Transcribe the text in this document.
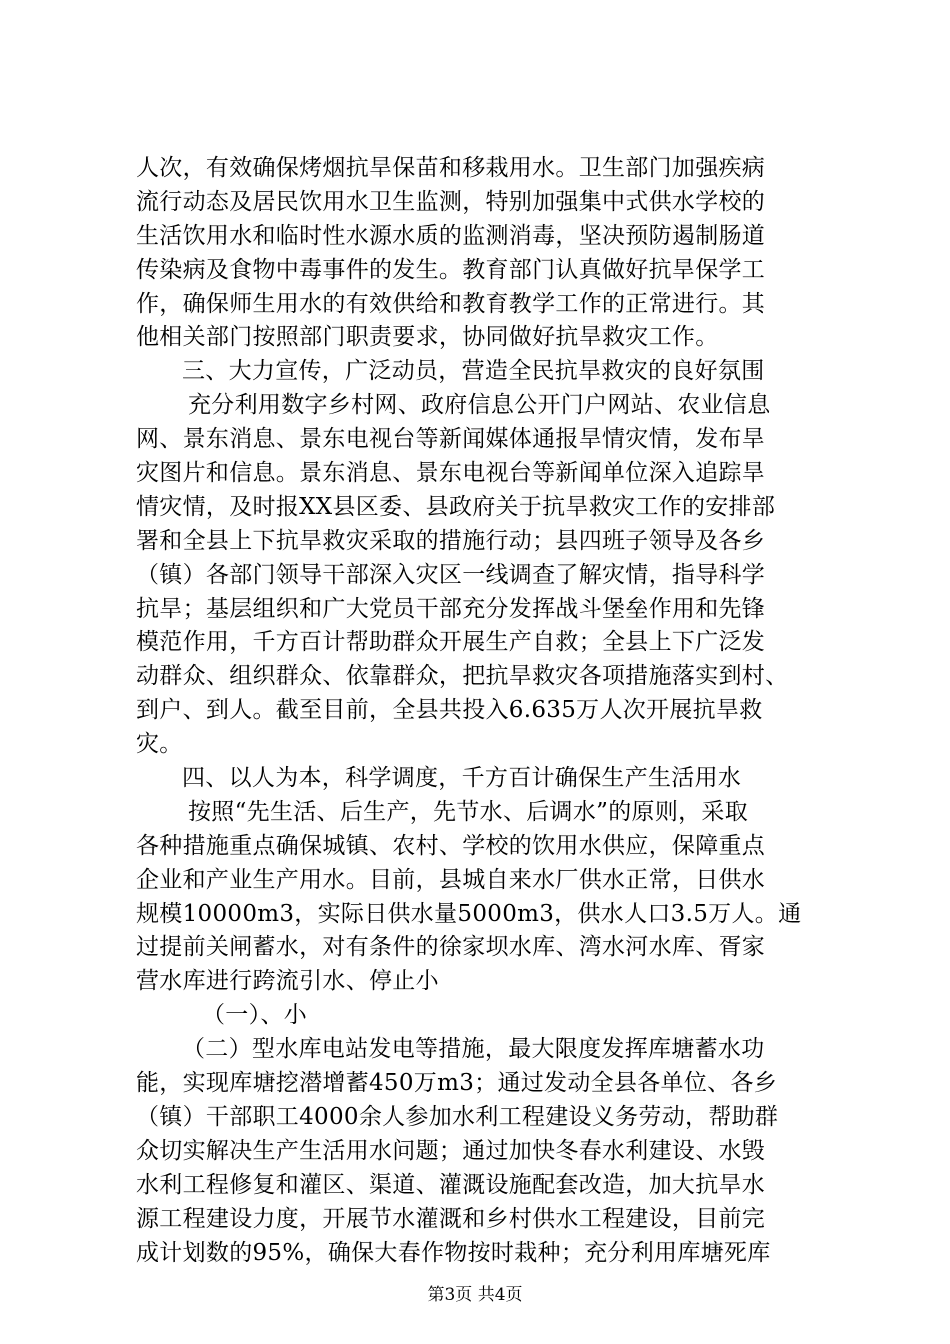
人次，有效确保烤烟抗旱保苗和移栽用水。卫生部门加强疾病
流行动态及居民饮用水卫生监测，特别加强集中式供水学校的
生活饮用水和临时性水源水质的监测消毒，坚决预防遏制肠道
传染病及食物中毒事件的发生。教育部门认真做好抗旱保学工
作，确保师生用水的有效供给和教育教学工作的正常进行。其
他相关部门按照部门职责要求，协同做好抗旱救灾工作。
三、大力宣传，广泛动员，营造全民抗旱救灾的良好氛围
充分利用数字乡村网、政府信息公开门户网站、农业信息
网、景东消息、景东电视台等新闻媒体通报旱情灾情，发布旱
灾图片和信息。景东消息、景东电视台等新闻单位深入追踪旱
情灾情，及时报XX县区委、县政府关于抗旱救灾工作的安排部
署和全县上下抗旱救灾采取的措施行动；县四班子领导及各乡
（镇）各部门领导干部深入灾区一线调查了解灾情，指导科学
抗旱；基层组织和广大党员干部充分发挥战斗堡垒作用和先锋
模范作用，千方百计帮助群众开展生产自救；全县上下广泛发
动群众、组织群众、依靠群众，把抗旱救灾各项措施落实到村、
到户、到人。截至目前，全县共投入6.635万人次开展抗旱救
灾。
四、以人为本，科学调度，千方百计确保生产生活用水
按照“先生活、后生产，先节水、后调水”的原则，采取
各种措施重点确保城镇、农村、学校的饮用水供应，保障重点
企业和产业生产用水。目前，县城自来水厂供水正常，日供水
规模10000m3，实际日供水量5000m3，供水人口3.5万人。通
过提前关闸蓄水，对有条件的徐家坝水库、湾水河水库、胥家
营水库进行跨流引水、停止小
（一）、小
（二）型水库电站发电等措施，最大限度发挥库塘蓄水功
能，实现库塘挖潜增蓄450万m3；通过发动全县各单位、各乡
（镇）干部职工4000余人参加水利工程建设义务劳动，帮助群
众切实解决生产生活用水问题；通过加快冬春水利建设、水毁
水利工程修复和灌区、渠道、灌溉设施配套改造，加大抗旱水
源工程建设力度，开展节水灌溉和乡村供水工程建设，目前完
成计划数的95%，确保大春作物按时栽种；充分利用库塘死库
第3页 共4页
